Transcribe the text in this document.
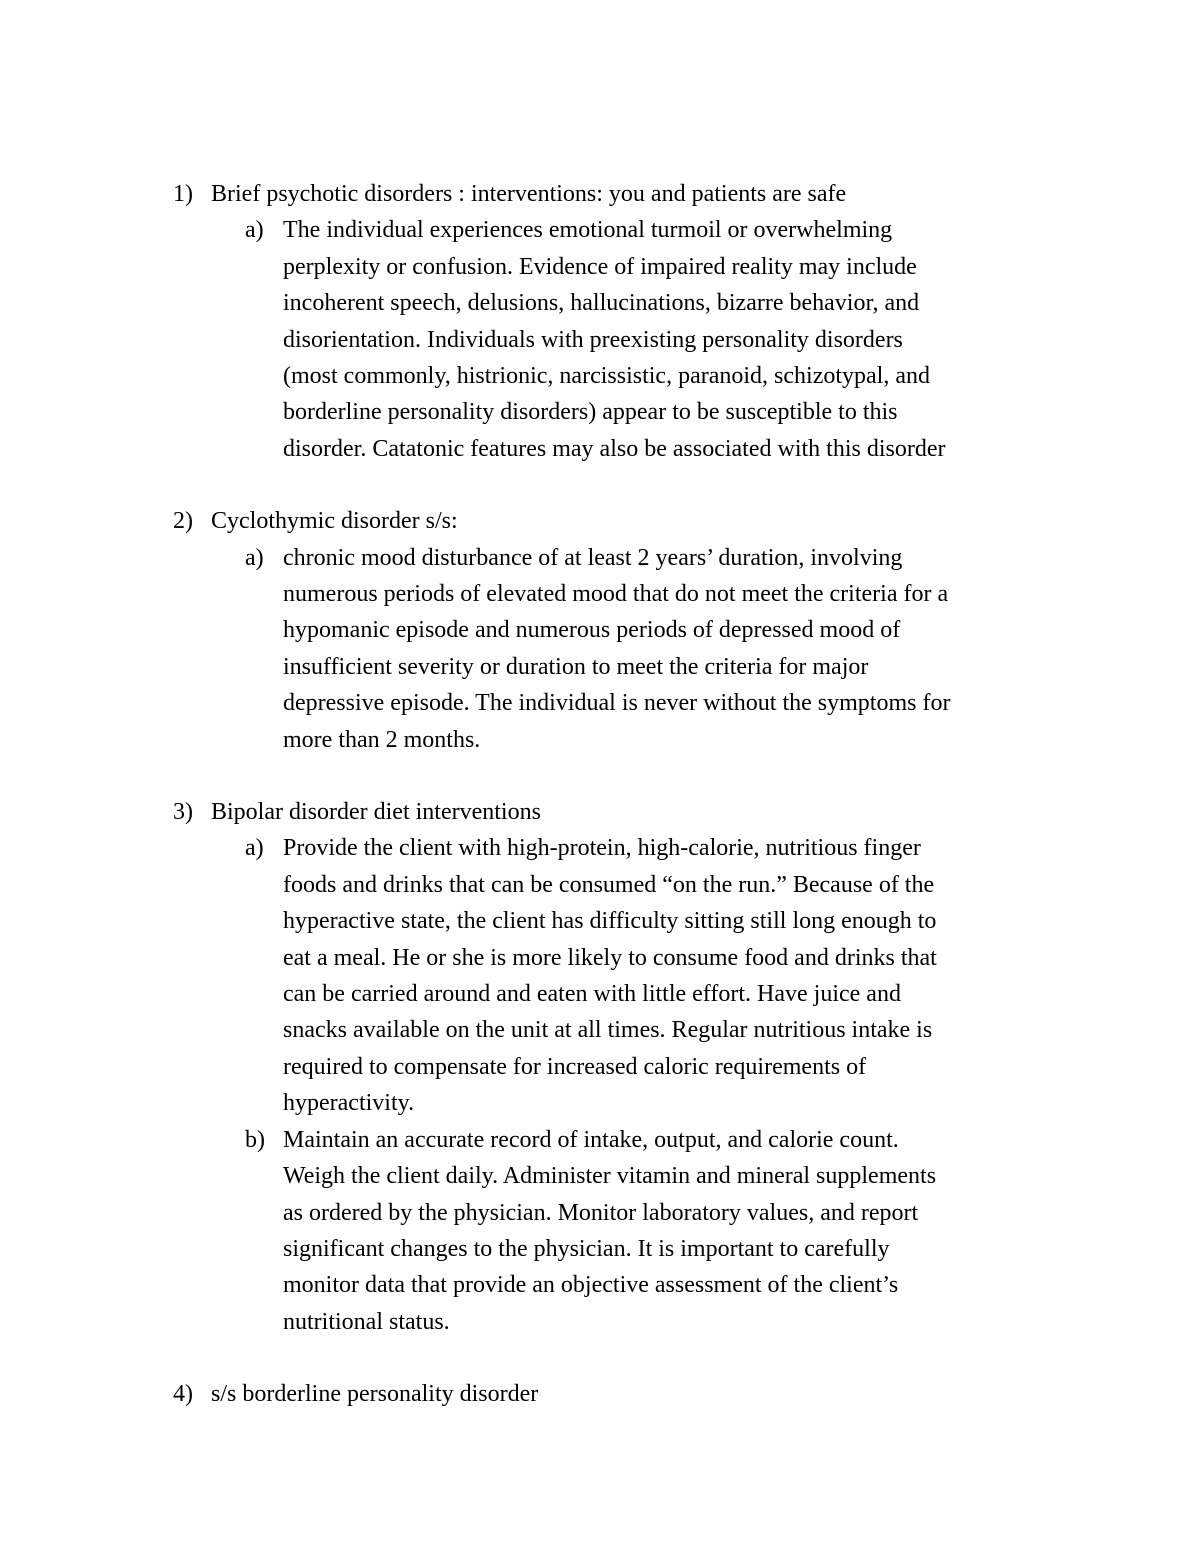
1) Brief psychotic disorders : interventions: you and patients are safe
a) The individual experiences emotional turmoil or overwhelming
perplexity or confusion. Evidence of impaired reality may include
incoherent speech, delusions, hallucinations, bizarre behavior, and
disorientation. Individuals with preexisting personality disorders
(most commonly, histrionic, narcissistic, paranoid, schizotypal, and
borderline personality disorders) appear to be susceptible to this
disorder. Catatonic features may also be associated with this disorder
2) Cyclothymic disorder s/s:
a) chronic mood disturbance of at least 2 years’ duration, involving
numerous periods of elevated mood that do not meet the criteria for a
hypomanic episode and numerous periods of depressed mood of
insufficient severity or duration to meet the criteria for major
depressive episode. The individual is never without the symptoms for
more than 2 months.
3) Bipolar disorder diet interventions
a) Provide the client with high-protein, high-calorie, nutritious finger
foods and drinks that can be consumed “on the run.” Because of the
hyperactive state, the client has difficulty sitting still long enough to
eat a meal. He or she is more likely to consume food and drinks that
can be carried around and eaten with little effort. Have juice and
snacks available on the unit at all times. Regular nutritious intake is
required to compensate for increased caloric requirements of
hyperactivity.
b) Maintain an accurate record of intake, output, and calorie count.
Weigh the client daily. Administer vitamin and mineral supplements
as ordered by the physician. Monitor laboratory values, and report
significant changes to the physician. It is important to carefully
monitor data that provide an objective assessment of the client’s
nutritional status.
4) s/s borderline personality disorder
